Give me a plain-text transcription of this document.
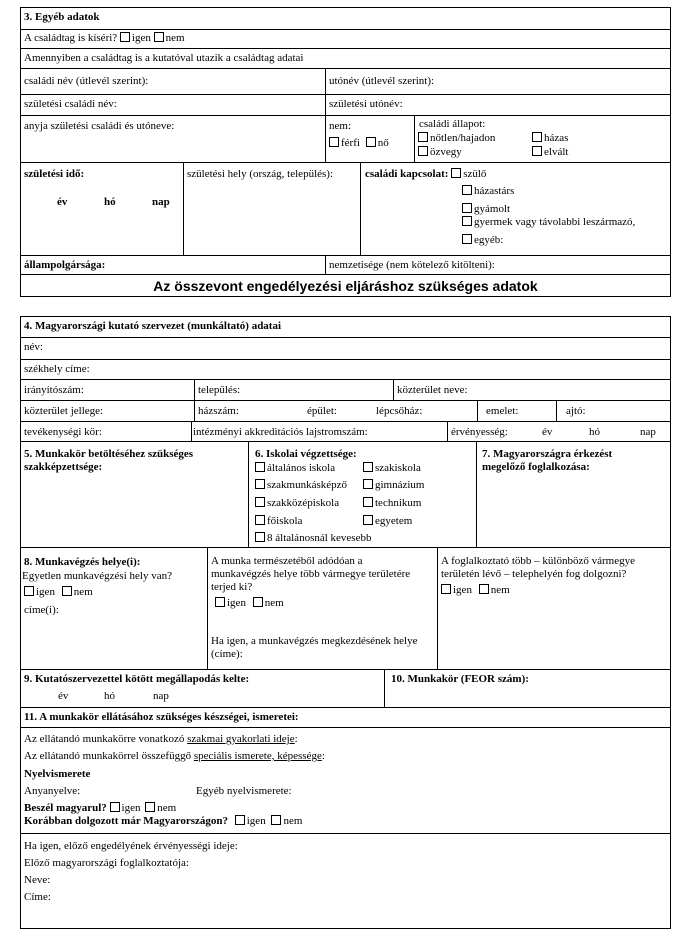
3. Egyéb adatok
A családtag is kíséri? igen nem
Amennyiben a családtag is a kutatóval utazik a családtag adatai
családi név (útlevél szerint):	utónév (útlevél szerint):
születési családi név:	születési utónév:
anyja születési családi és utóneve:	nem:
férfi nő
családi állapot:
nőtlen/hajadon	házas
özvegy	elvált
születési idő:
év	hó	nap
születési hely (ország, település):	családi kapcsolat: szülő
házastárs
gyámolt
gyermek vagy távolabbi leszármazó,
egyéb:
állampolgársága:	nemzetisége (nem kötelező kitölteni):
Az összevont engedélyezési eljáráshoz szükséges adatok
4. Magyarországi kutató szervezet (munkáltató) adatai
név:
székhely címe:
irányítószám:	település:	közterület neve:
közterület jellege:	házszám:	épület:	lépcsőház:	emelet:	ajtó:
tevékenységi kör:	intézményi akkreditációs lajstromszám:	érvényesség:	év	hó	nap
5. Munkakör betöltéséhez szükséges
szakképzettsége:
6. Iskolai végzettsége:
általános iskola	szakiskola
szakmunkásképző	gimnázium
szakközépiskola	technikum
főiskola	egyetem
8 általánosnál kevesebb
7. Magyarországra érkezést
megelőző foglalkozása:
8. Munkavégzés helye(i):
Egyetlen munkavégzési hely van?
igen nem
címe(i):
A munka természetéből adódóan a
munkavégzés helye több vármegye területére
terjed ki?
igen nem
Ha igen, a munkavégzés megkezdésének helye
(címe):
A foglalkoztató több – különböző vármegye
területén lévő – telephelyén fog dolgozni?
igen nem
9. Kutatószervezettel kötött megállapodás kelte:
év	hó	nap
10. Munkakör (FEOR szám):
11. A munkakör ellátásához szükséges készségei, ismeretei:
Az ellátandó munkakörre vonatkozó szakmai gyakorlati ideje:
Az ellátandó munkakörrel összefüggő speciális ismerete, képessége:
Nyelvismerete
Anyanyelve:	Egyéb nyelvismerete:
Beszél magyarul? igen nem
Korábban dolgozott már Magyarországon? igen nem
Ha igen, előző engedélyének érvényességi ideje:
Előző magyarországi foglalkoztatója:
Neve:
Címe:
